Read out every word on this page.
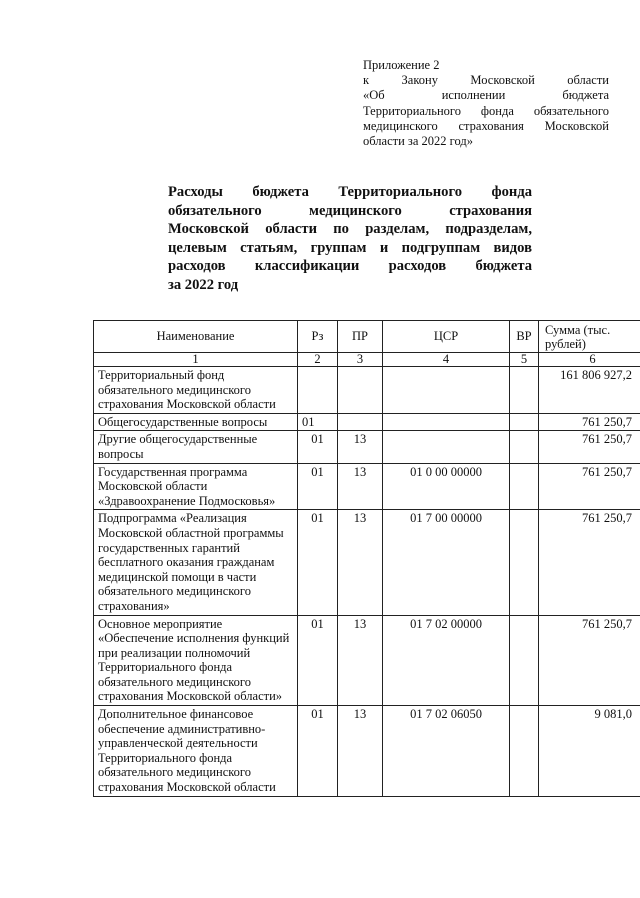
Приложение 2
к Закону Московской области
«Об исполнении бюджета
Территориального фонда обязательного
медицинского страхования Московской
области за 2022 год»
Расходы бюджета Территориального фонда
обязательного медицинского страхования
Московской области по разделам, подразделам,
целевым статьям, группам и подгруппам видов
расходов классификации расходов бюджета
за 2022 год
Наименование	Рз	ПР	ЦСР	ВР	Сумма (тыс. рублей)
1	2	3	4	5	6
Территориальный фонд обязательного медицинского страхования Московской области					161 806 927,2
Общегосударственные вопросы	01				761 250,7
Другие общегосударственные вопросы	01	13			761 250,7
Государственная программа Московской области «Здравоохранение Подмосковья»	01	13	01 0 00 00000		761 250,7
Подпрограмма «Реализация Московской областной программы государственных гарантий бесплатного оказания гражданам медицинской помощи в части обязательного медицинского страхования»	01	13	01 7 00 00000		761 250,7
Основное мероприятие «Обеспечение исполнения функций при реализации полномочий Территориального фонда обязательного медицинского страхования Московской области»	01	13	01 7 02 00000		761 250,7
Дополнительное финансовое обеспечение административно-управленческой деятельности Территориального фонда обязательного медицинского страхования Московской области	01	13	01 7 02 06050		9 081,0
